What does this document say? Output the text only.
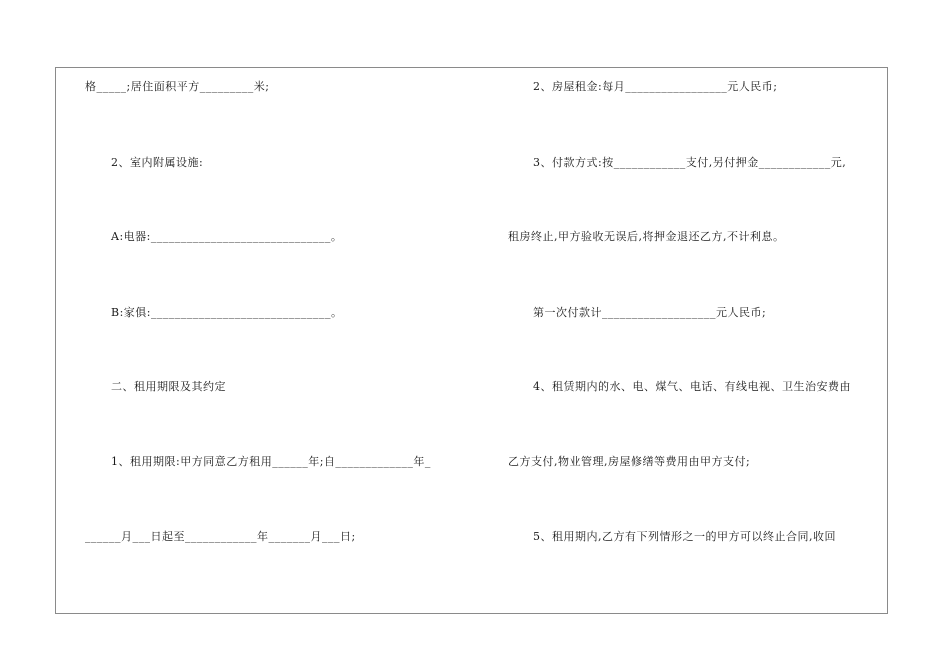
格_____;居住面积平方_________米;
2、室内附属设施:
A:电器:______________________________。
B:家俱:______________________________。
二、租用期限及其约定
1、租用期限:甲方同意乙方租用______年;自_____________年_
______月___日起至____________年_______月___日;
2、房屋租金:每月_________________元人民币;
3、付款方式:按____________支付,另付押金____________元,
租房终止,甲方验收无误后,将押金退还乙方,不计利息。
第一次付款计___________________元人民币;
4、租赁期内的水、电、煤气、电话、有线电视、卫生治安费由
乙方支付,物业管理,房屋修缮等费用由甲方支付;
5、租用期内,乙方有下列情形之一的甲方可以终止合同,收回
